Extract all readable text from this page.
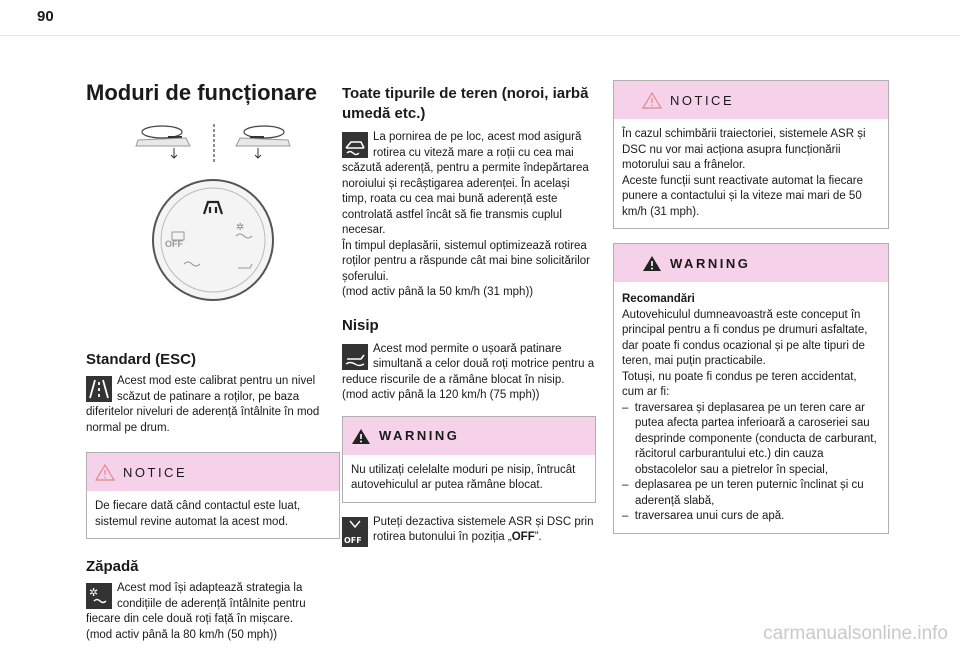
90
Moduri de funcționare
✲
OFF
Standard (ESC)

Acest mod este calibrat pentru un nivel scăzut de patinare a roților, pe baza diferitelor niveluri de aderență întâlnite în mod normal pe drum.

NOTICE

De fiecare dată când contactul este luat, sistemul revine automat la acest mod.

Zăpadă
✲	Acest mod își adaptează strategia la condițiile de aderență întâlnite pentru fiecare din cele două roți față în mișcare.

(mod activ până la 80 km/h (50 mph))

Toate tipurile de teren (noroi, iarbă umedă etc.)

La pornirea de pe loc, acest mod asigură rotirea cu viteză mare a roții cu cea mai scăzută aderență, pentru a permite îndepărtarea noroiului și recâștigarea aderenței. În același timp, roata cu cea mai bună aderență este controlată astfel încât să fie transmis cuplul necesar.

În timpul deplasării, sistemul optimizează rotirea roților pentru a răspunde cât mai bine solicitărilor șoferului.

(mod activ până la 50 km/h (31 mph))

Nisip

Acest mod permite o ușoară patinare simultană a celor două roți motrice pentru a reduce riscurile de a rămâne blocat în nisip.

(mod activ până la 120 km/h (75 mph))

WARNING

Nu utilizați celelalte moduri pe nisip, întrucât autovehiculul ar putea rămâne blocat.

OFF

Puteți dezactiva sistemele ASR și DSC prin rotirea butonului în poziția „OFF”.

NOTICE

În cazul schimbării traiectoriei, sistemele ASR și DSC nu vor mai acționa asupra funcționării motorului sau a frânelor.

Aceste funcții sunt reactivate automat la fiecare punere a contactului și la viteze mai mari de 50 km/h (31 mph).

WARNING

Recomandări

Autovehiculul dumneavoastră este conceput în principal pentru a fi condus pe drumuri asfaltate, dar poate fi condus ocazional și pe alte tipuri de teren, mai puțin practicabile.

Totuși, nu poate fi condus pe teren accidentat, cum ar fi:

–  traversarea și deplasarea pe un teren care ar putea afecta partea inferioară a caroseriei sau desprinde componente (conducta de carburant, răcitorul carburantului etc.) din cauza obstacolelor sau a pietrelor în special,

–  deplasarea pe un teren puternic înclinat și cu aderență slabă,

–  traversarea unui curs de apă.

carmanualsonline.info
